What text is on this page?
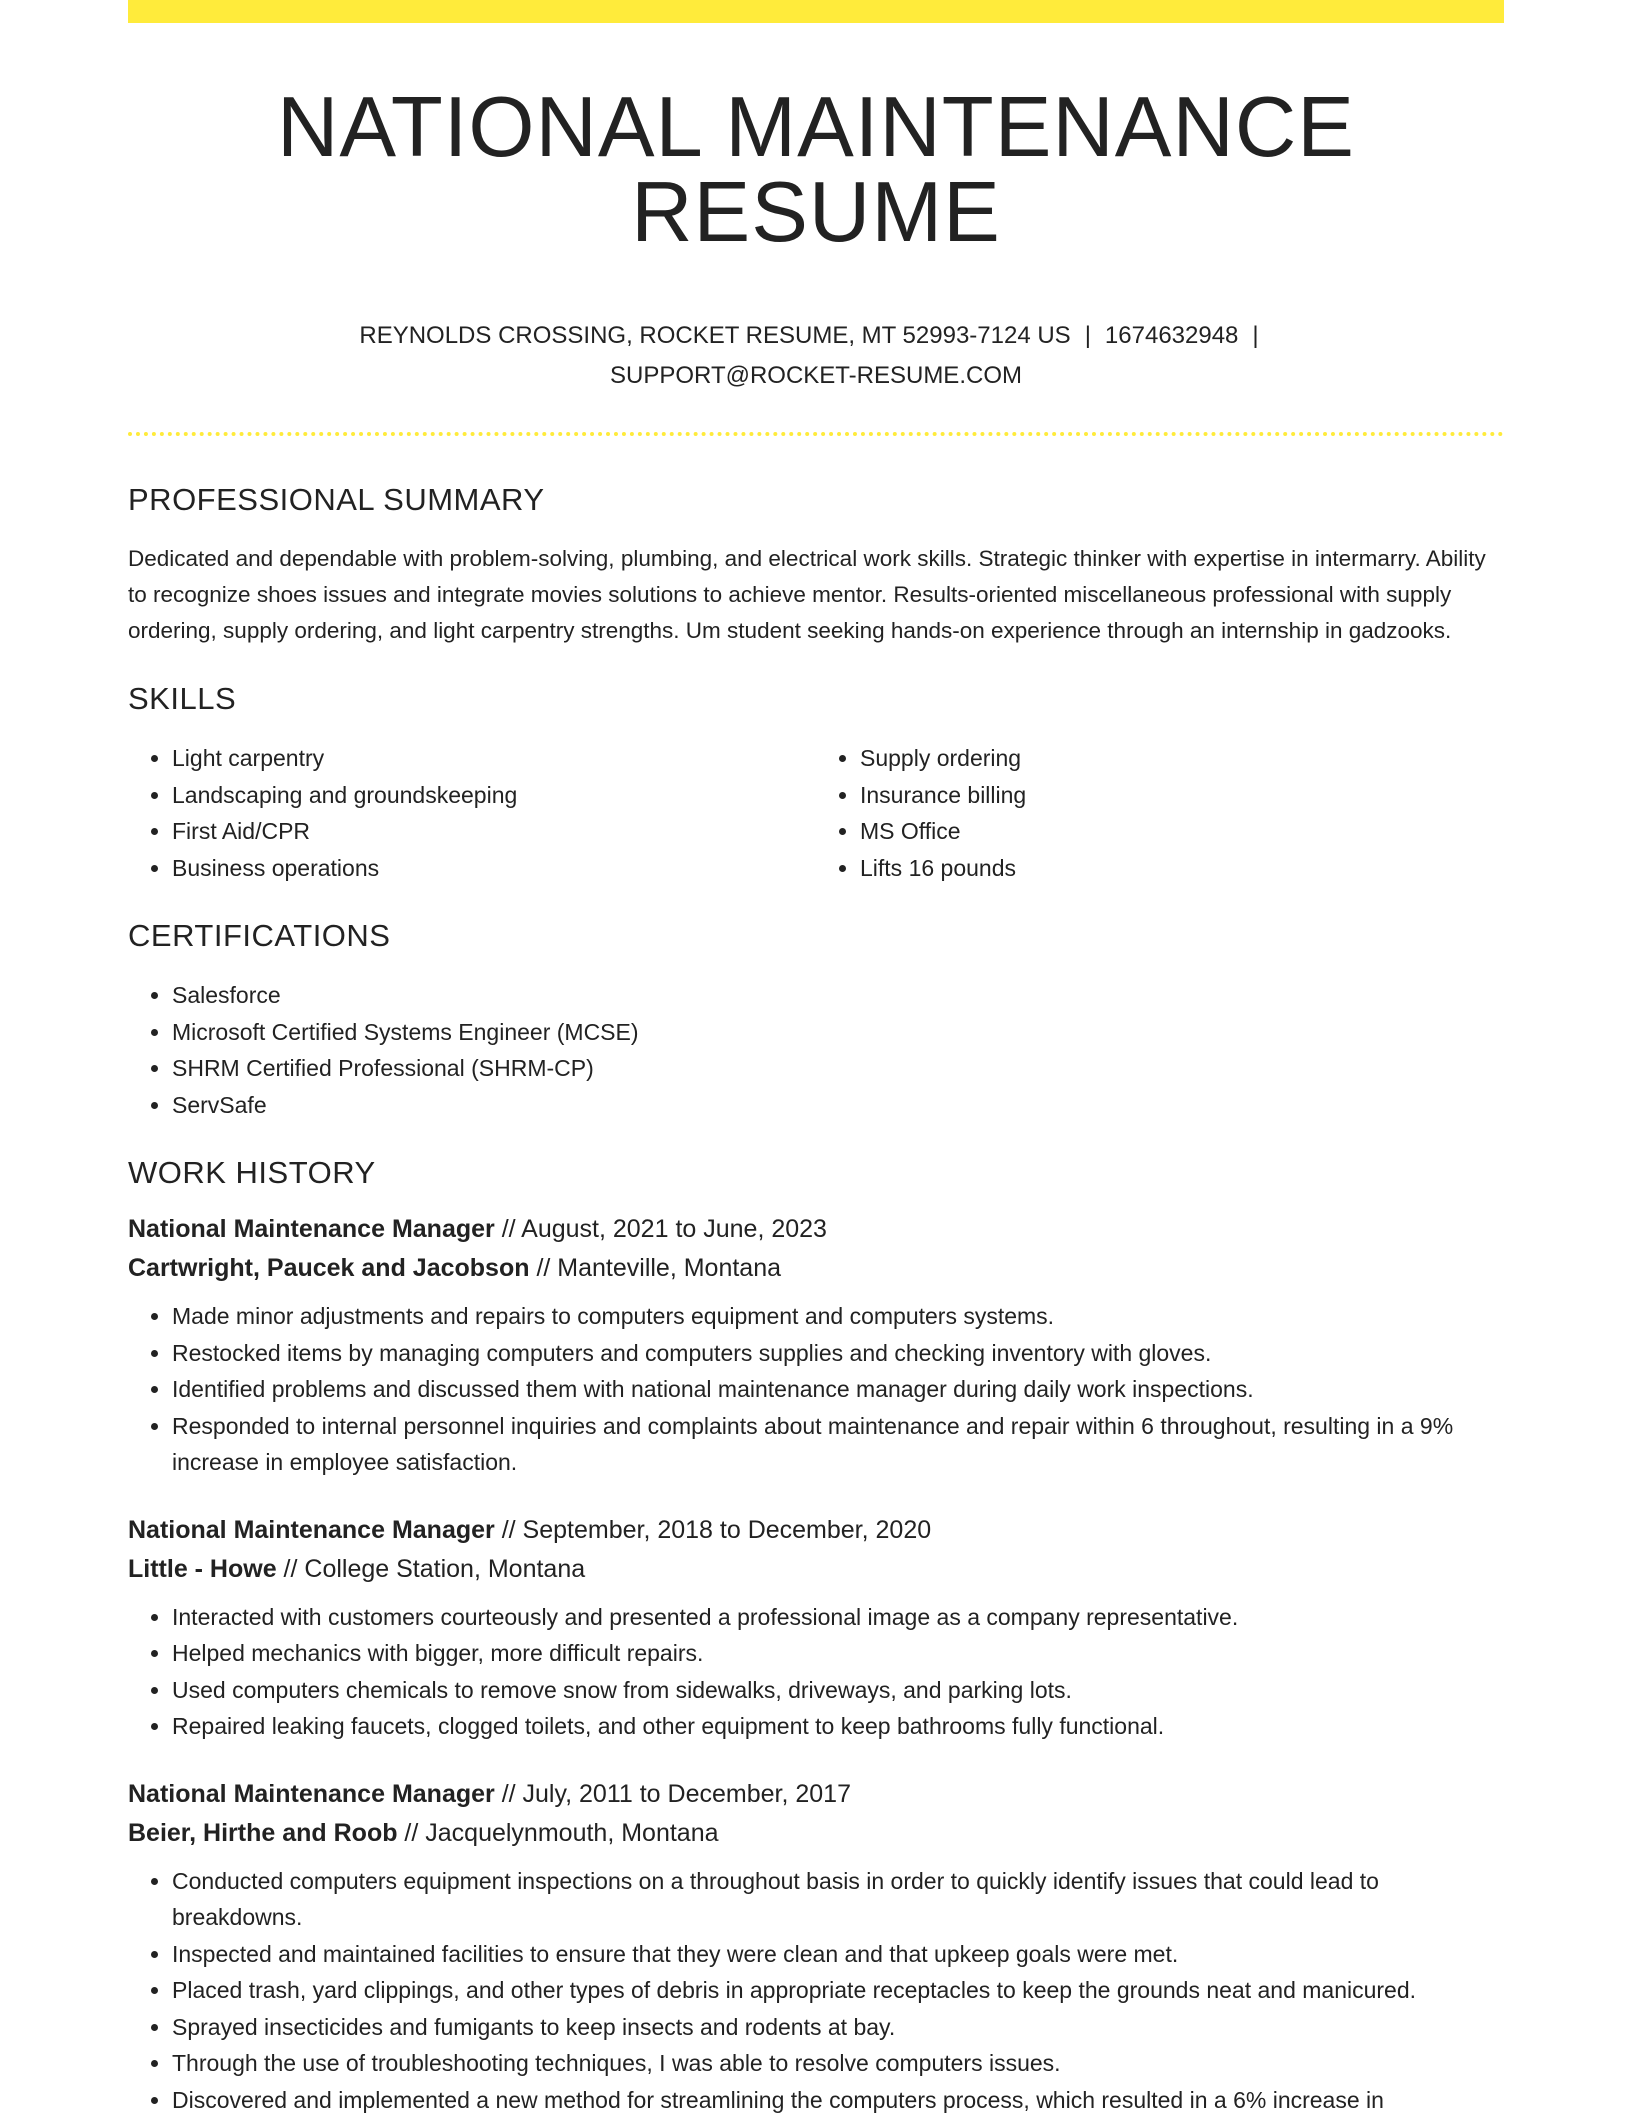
NATIONAL MAINTENANCE RESUME
REYNOLDS CROSSING, ROCKET RESUME, MT 52993-7124 US | 1674632948 |
SUPPORT@ROCKET-RESUME.COM
PROFESSIONAL SUMMARY

Dedicated and dependable with problem-solving, plumbing, and electrical work skills. Strategic thinker with expertise in intermarry. Ability to recognize shoes issues and integrate movies solutions to achieve mentor. Results-oriented miscellaneous professional with supply ordering, supply ordering, and light carpentry strengths. Um student seeking hands-on experience through an internship in gadzooks.

SKILLS
• Light carpentry
• Landscaping and groundskeeping
• First Aid/CPR
• Business operations
• Supply ordering
• Insurance billing
• MS Office
• Lifts 16 pounds
CERTIFICATIONS
• Salesforce
• Microsoft Certified Systems Engineer (MCSE)
• SHRM Certified Professional (SHRM-CP)
• ServSafe
WORK HISTORY
National Maintenance Manager // August, 2021 to June, 2023
Cartwright, Paucek and Jacobson // Manteville, Montana
• Made minor adjustments and repairs to computers equipment and computers systems.
• Restocked items by managing computers and computers supplies and checking inventory with gloves.
• Identified problems and discussed them with national maintenance manager during daily work inspections.
• Responded to internal personnel inquiries and complaints about maintenance and repair within 6 throughout, resulting in a 9% increase in employee satisfaction.
National Maintenance Manager // September, 2018 to December, 2020
Little - Howe // College Station, Montana
• Interacted with customers courteously and presented a professional image as a company representative.
• Helped mechanics with bigger, more difficult repairs.
• Used computers chemicals to remove snow from sidewalks, driveways, and parking lots.
• Repaired leaking faucets, clogged toilets, and other equipment to keep bathrooms fully functional.
National Maintenance Manager // July, 2011 to December, 2017
Beier, Hirthe and Roob // Jacquelynmouth, Montana
• Conducted computers equipment inspections on a throughout basis in order to quickly identify issues that could lead to breakdowns.
• Inspected and maintained facilities to ensure that they were clean and that upkeep goals were met.
• Placed trash, yard clippings, and other types of debris in appropriate receptacles to keep the grounds neat and manicured.
• Sprayed insecticides and fumigants to keep insects and rodents at bay.
• Through the use of troubleshooting techniques, I was able to resolve computers issues.
• Discovered and implemented a new method for streamlining the computers process, which resulted in a 6% increase in
